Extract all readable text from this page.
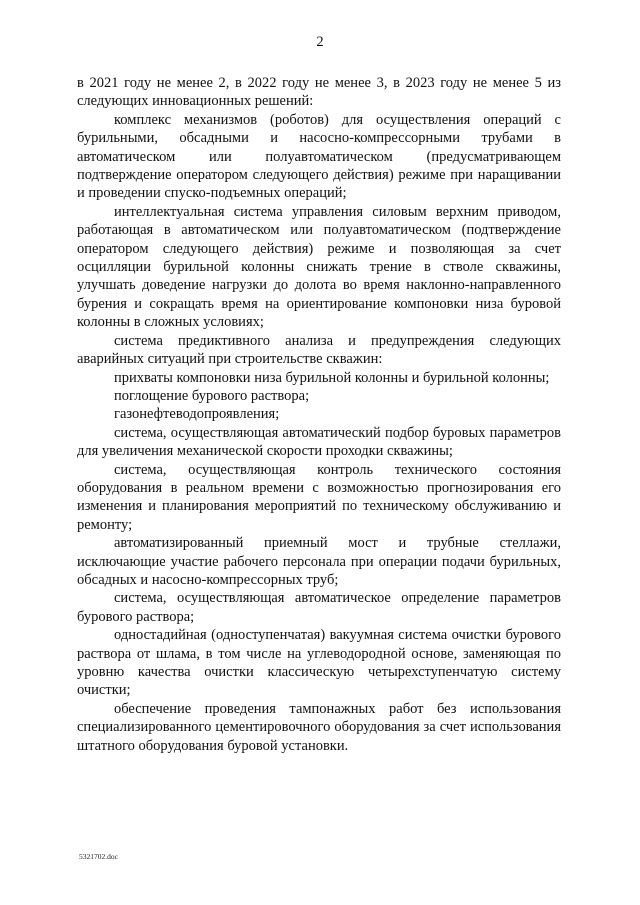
2

в 2021 году не менее 2, в 2022 году не менее 3, в 2023 году не менее 5 из следующих инновационных решений:

комплекс механизмов (роботов) для осуществления операций с бурильными, обсадными и насосно-компрессорными трубами в автоматическом или полуавтоматическом (предусматривающем подтверждение оператором следующего действия) режиме при наращивании и проведении спуско-подъемных операций;

интеллектуальная система управления силовым верхним приводом, работающая в автоматическом или полуавтоматическом (подтверждение оператором следующего действия) режиме и позволяющая за счет осцилляции бурильной колонны снижать трение в стволе скважины, улучшать доведение нагрузки до долота во время наклонно-направленного бурения и сокращать время на ориентирование компоновки низа буровой колонны в сложных условиях;

система предиктивного анализа и предупреждения следующих аварийных ситуаций при строительстве скважин:

прихваты компоновки низа бурильной колонны и бурильной колонны;

поглощение бурового раствора;

газонефтеводопроявления;

система, осуществляющая автоматический подбор буровых параметров для увеличения механической скорости проходки скважины;

система, осуществляющая контроль технического состояния оборудования в реальном времени с возможностью прогнозирования его изменения и планирования мероприятий по техническому обслуживанию и ремонту;

автоматизированный приемный мост и трубные стеллажи, исключающие участие рабочего персонала при операции подачи бурильных, обсадных и насосно-компрессорных труб;

система, осуществляющая автоматическое определение параметров бурового раствора;

одностадийная (одноступенчатая) вакуумная система очистки бурового раствора от шлама, в том числе на углеводородной основе, заменяющая по уровню качества очистки классическую четырехступенчатую систему очистки;

обеспечение проведения тампонажных работ без использования специализированного цементировочного оборудования за счет использования штатного оборудования буровой установки.

5321702.doc
